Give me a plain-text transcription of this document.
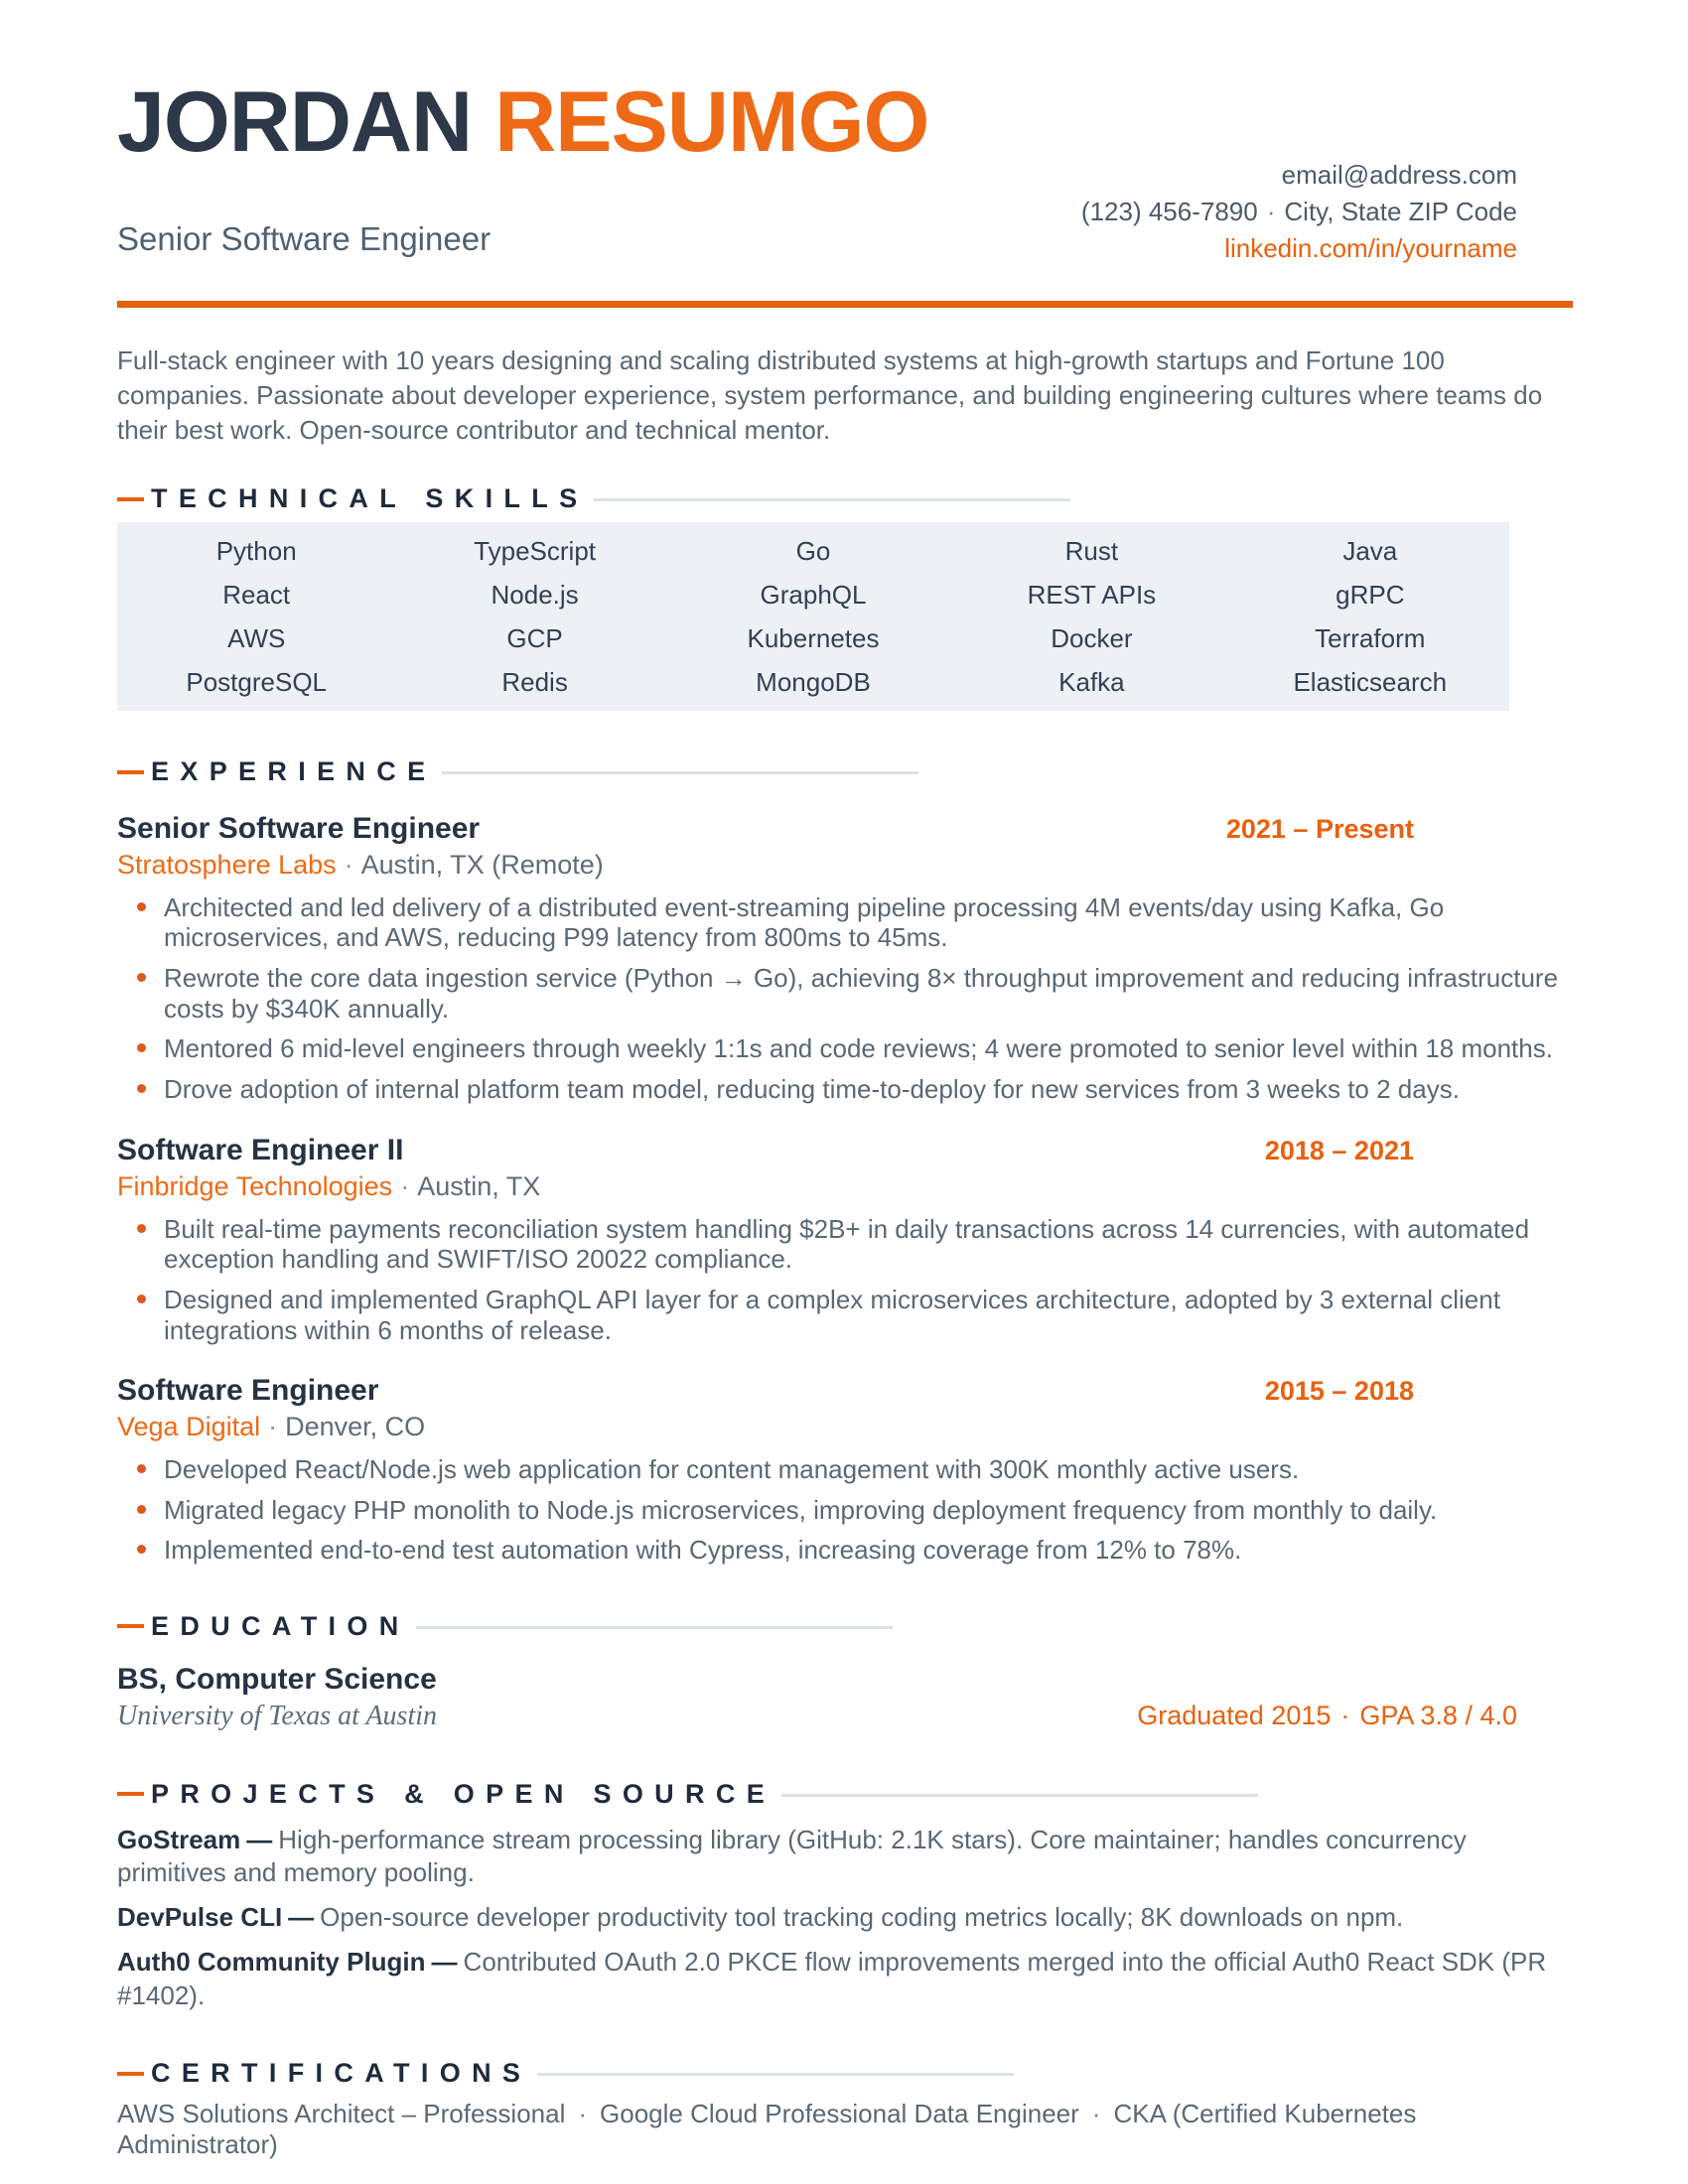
JORDAN RESUMGO
Senior Software Engineer
email@address.com
(123) 456-7890 · City, State ZIP Code
linkedin.com/in/yourname

Full-stack engineer with 10 years designing and scaling distributed systems at high-growth startups and Fortune 100 companies. Passionate about developer experience, system performance, and building engineering cultures where teams do their best work. Open-source contributor and technical mentor.

TECHNICAL SKILLS
Python	TypeScript	Go	Rust	Java
React	Node.js	GraphQL	REST APIs	gRPC
AWS	GCP	Kubernetes	Docker	Terraform
PostgreSQL	Redis	MongoDB	Kafka	Elasticsearch
EXPERIENCE
Senior Software Engineer	2021 – Present
Stratosphere Labs · Austin, TX (Remote)
Architected and led delivery of a distributed event-streaming pipeline processing 4M events/day using Kafka, Go microservices, and AWS, reducing P99 latency from 800ms to 45ms.
Rewrote the core data ingestion service (Python → Go), achieving 8× throughput improvement and reducing infrastructure costs by $340K annually.
Mentored 6 mid-level engineers through weekly 1:1s and code reviews; 4 were promoted to senior level within 18 months.
Drove adoption of internal platform team model, reducing time-to-deploy for new services from 3 weeks to 2 days.
Software Engineer II	2018 – 2021
Finbridge Technologies · Austin, TX
Built real-time payments reconciliation system handling $2B+ in daily transactions across 14 currencies, with automated exception handling and SWIFT/ISO 20022 compliance.
Designed and implemented GraphQL API layer for a complex microservices architecture, adopted by 3 external client integrations within 6 months of release.
Software Engineer	2015 – 2018
Vega Digital · Denver, CO
Developed React/Node.js web application for content management with 300K monthly active users.
Migrated legacy PHP monolith to Node.js microservices, improving deployment frequency from monthly to daily.
Implemented end-to-end test automation with Cypress, increasing coverage from 12% to 78%.
EDUCATION
BS, Computer Science
University of Texas at Austin	Graduated 2015 · GPA 3.8 / 4.0
PROJECTS & OPEN SOURCE

GoStream — High-performance stream processing library (GitHub: 2.1K stars). Core maintainer; handles concurrency primitives and memory pooling.

DevPulse CLI — Open-source developer productivity tool tracking coding metrics locally; 8K downloads on npm.

Auth0 Community Plugin — Contributed OAuth 2.0 PKCE flow improvements merged into the official Auth0 React SDK (PR #1402).

CERTIFICATIONS

AWS Solutions Architect – Professional · Google Cloud Professional Data Engineer · CKA (Certified Kubernetes Administrator)
